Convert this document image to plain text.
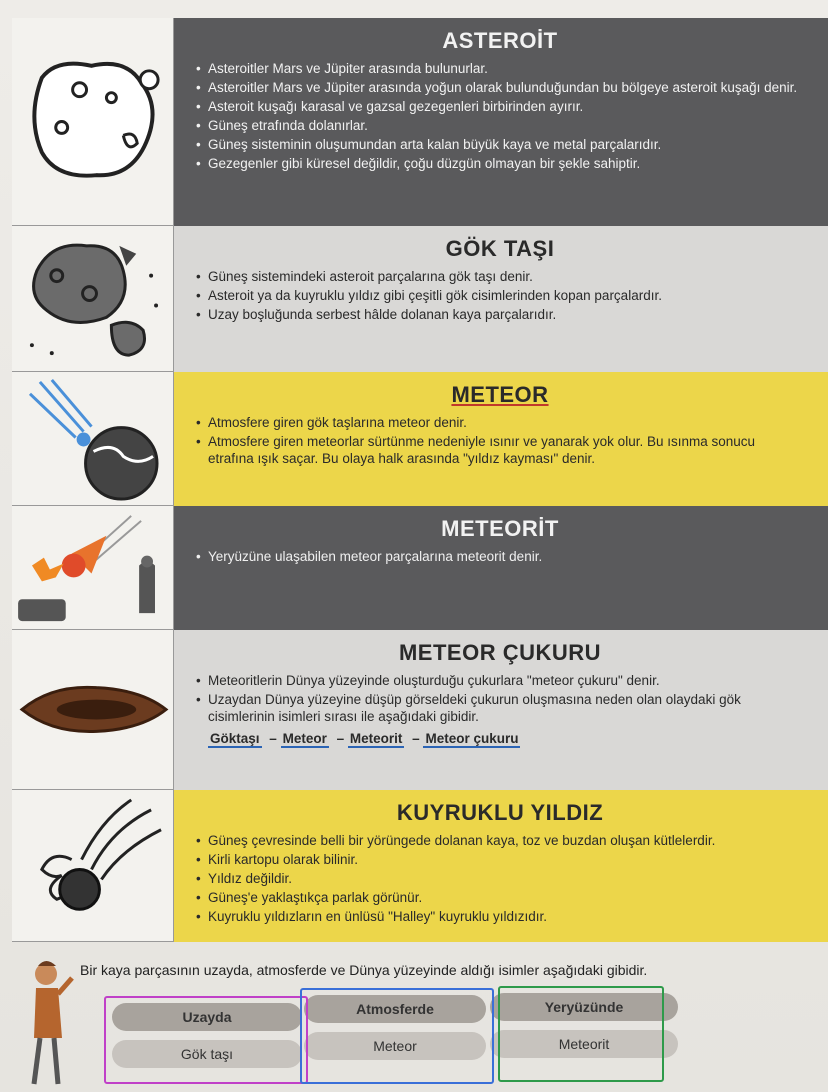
ASTEROİT
• Asteroitler Mars ve Jüpiter arasında bulunurlar.
• Asteroitler Mars ve Jüpiter arasında yoğun olarak bulunduğundan bu bölgeye asteroit kuşağı denir.
• Asteroit kuşağı karasal ve gazsal gezegenleri birbirinden ayırır.
• Güneş etrafında dolanırlar.
• Güneş sisteminin oluşumundan arta kalan büyük kaya ve metal parçalarıdır.
• Gezegenler gibi küresel değildir, çoğu düzgün olmayan bir şekle sahiptir.
GÖK TAŞI
• Güneş sistemindeki asteroit parçalarına gök taşı denir.
• Asteroit ya da kuyruklu yıldız gibi çeşitli gök cisimlerinden kopan parçalardır.
• Uzay boşluğunda serbest hâlde dolanan kaya parçalarıdır.
METEOR
• Atmosfere giren gök taşlarına meteor denir.
• Atmosfere giren meteorlar sürtünme nedeniyle ısınır ve yanarak yok olur. Bu ısınma sonucu etrafına ışık saçar. Bu olaya halk arasında "yıldız kayması" denir.
METEORİT
• Yeryüzüne ulaşabilen meteor parçalarına meteorit denir.
METEOR ÇUKURU
• Meteoritlerin Dünya yüzeyinde oluşturduğu çukurlara "meteor çukuru" denir.
• Uzaydan Dünya yüzeyine düşüp görseldeki çukurun oluşmasına neden olan olaydaki gök cisimlerinin isimleri sırası ile aşağıdaki gibidir.
Göktaşı – Meteor – Meteorit – Meteor çukuru
KUYRUKLU YILDIZ
• Güneş çevresinde belli bir yörüngede dolanan kaya, toz ve buzdan oluşan kütlelerdir.
• Kirli kartopu olarak bilinir.
• Yıldız değildir.
• Güneş'e yaklaştıkça parlak görünür.
• Kuyruklu yıldızların en ünlüsü "Halley" kuyruklu yıldızıdır.
Bir kaya parçasının uzayda, atmosferde ve Dünya yüzeyinde aldığı isimler aşağıdaki gibidir.
Uzayda	Atmosferde	Yeryüzünde
Gök taşı	Meteor	Meteorit
